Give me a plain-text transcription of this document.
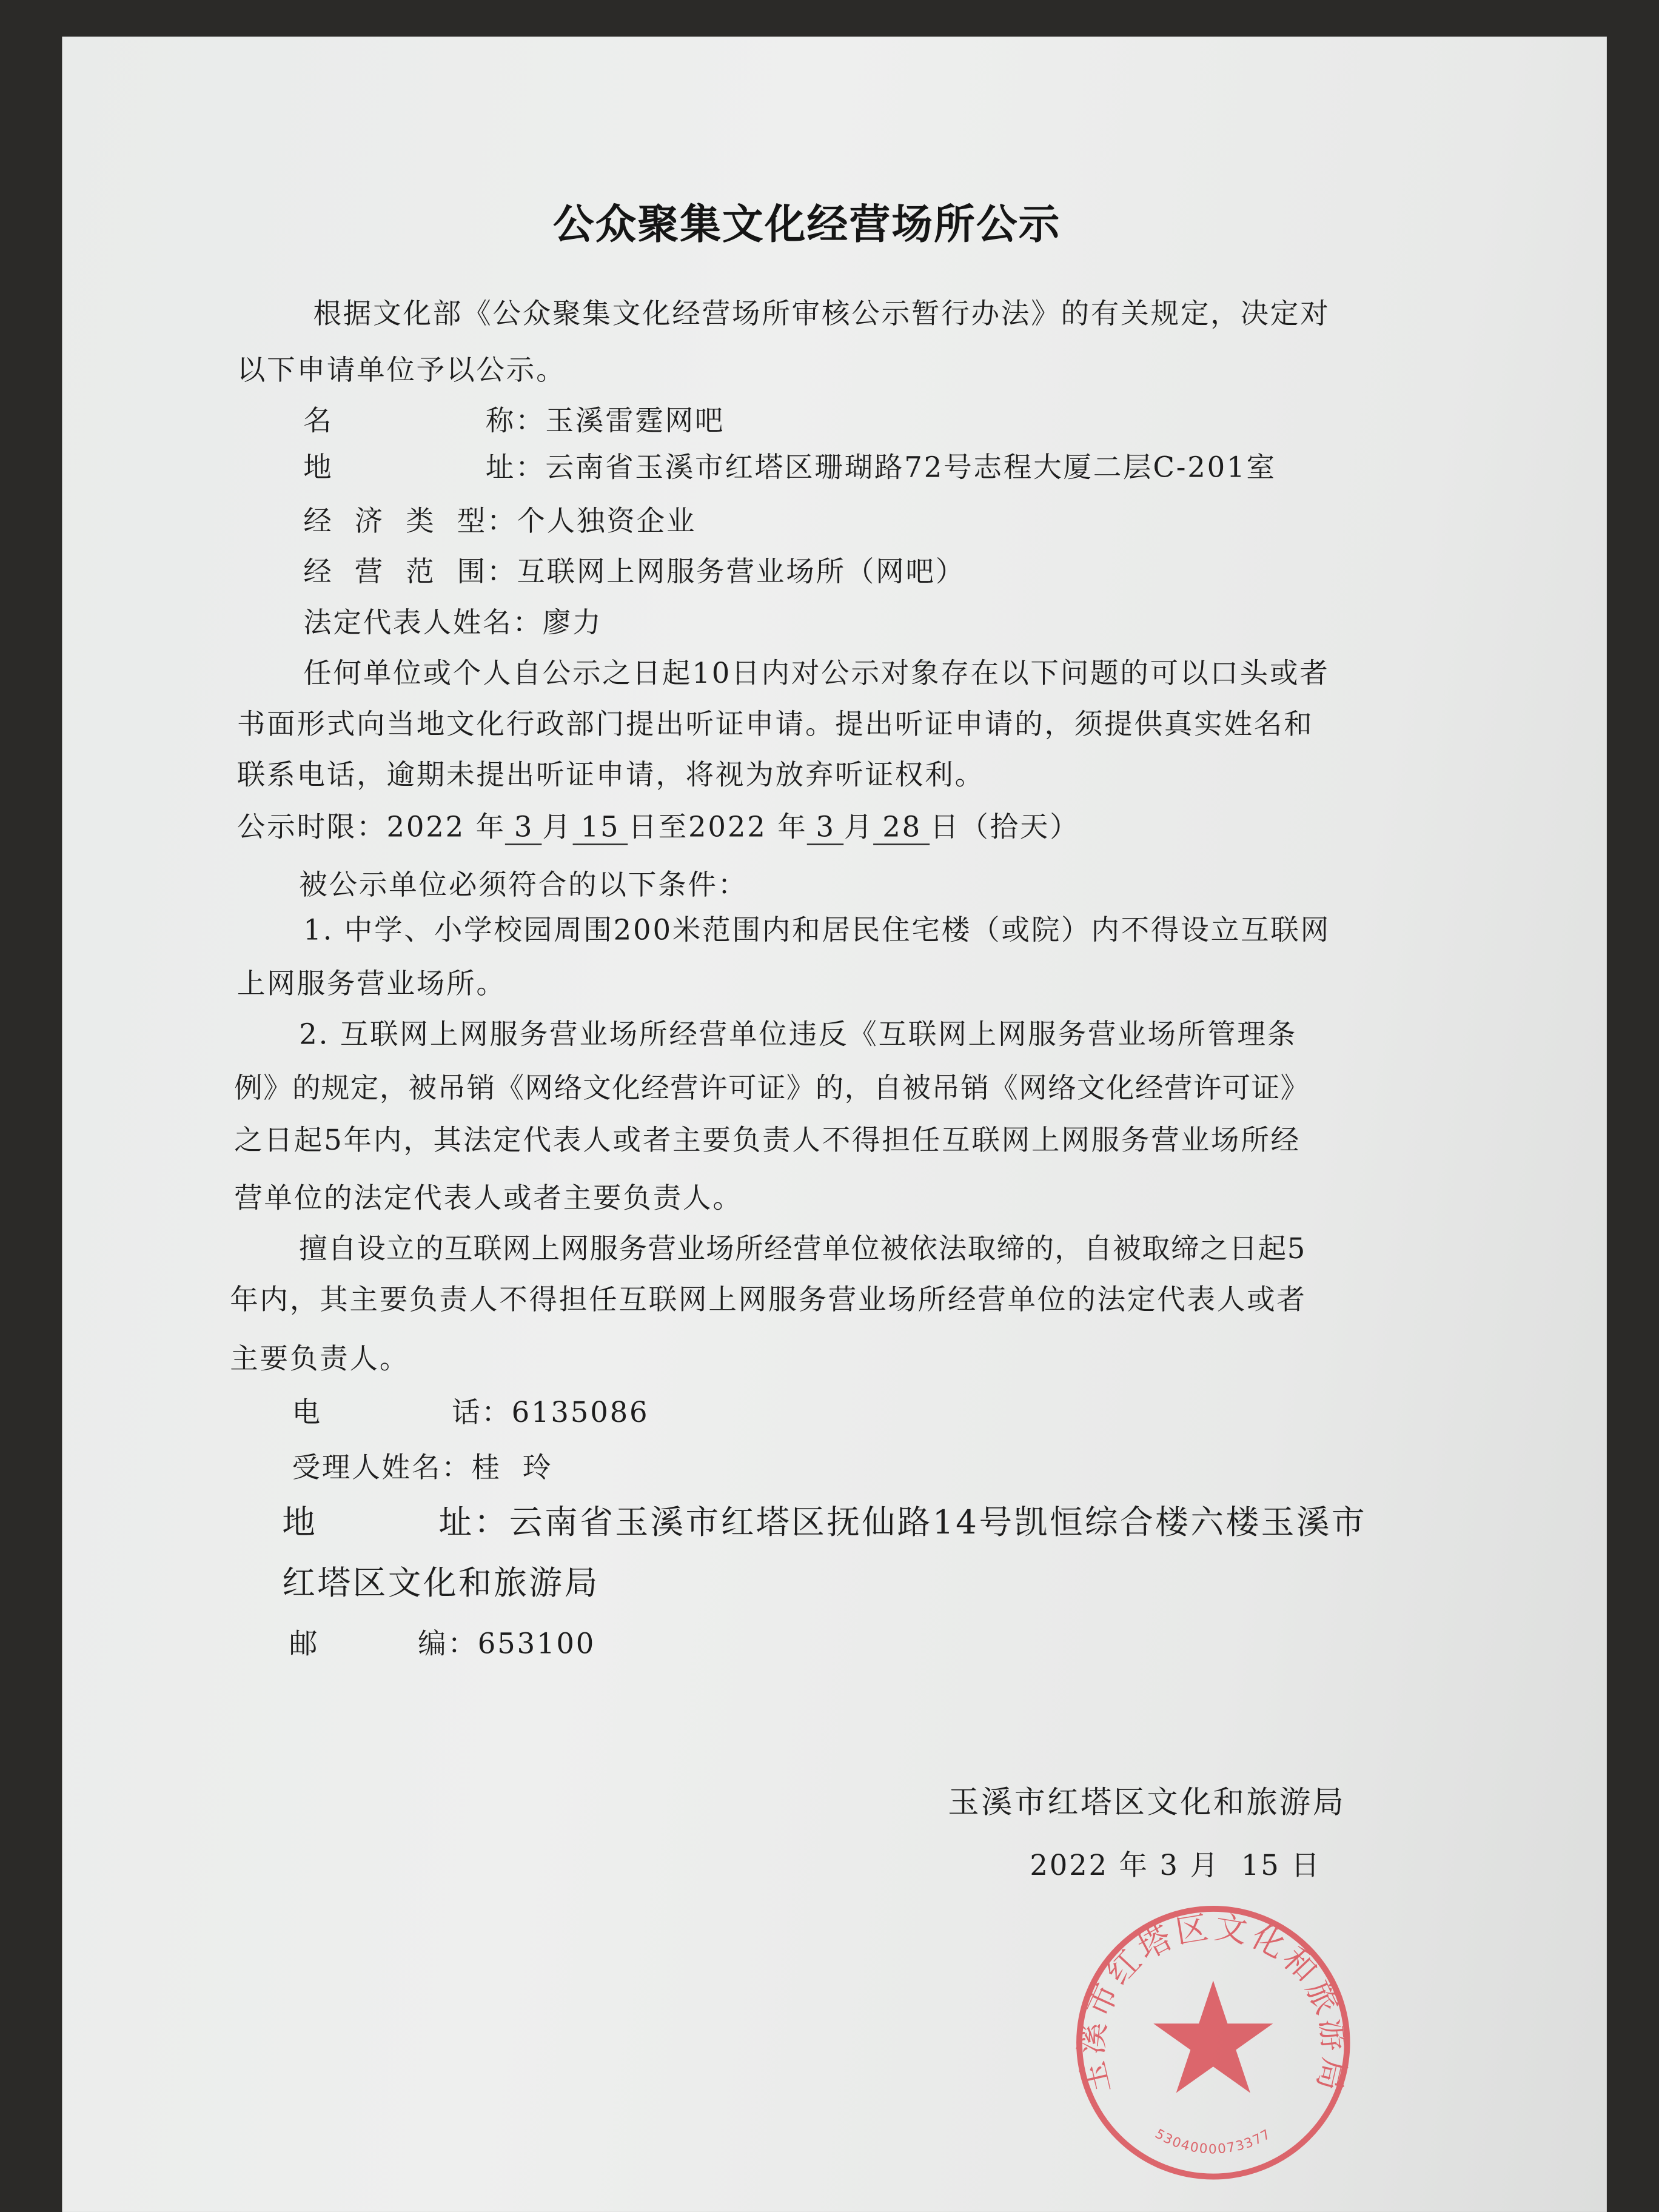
公众聚集文化经营场所公示
根据文化部《公众聚集文化经营场所审核公示暂行办法》的有关规定，决定对
以下申请单位予以公示。
名	称：玉溪雷霆网吧
地	址：云南省玉溪市红塔区珊瑚路72号志程大厦二层C-201室
经  济  类  型：个人独资企业
经  营  范  围：互联网上网服务营业场所（网吧）
法定代表人姓名：廖力
任何单位或个人自公示之日起10日内对公示对象存在以下问题的可以口头或者
书面形式向当地文化行政部门提出听证申请。提出听证申请的，须提供真实姓名和
联系电话，逾期未提出听证申请，将视为放弃听证权利。
公示时限：2022 年 3 月 15 日至2022 年 3 月 28 日（拾天）
被公示单位必须符合的以下条件：
1. 中学、小学校园周围200米范围内和居民住宅楼（或院）内不得设立互联网
上网服务营业场所。
2. 互联网上网服务营业场所经营单位违反《互联网上网服务营业场所管理条
例》的规定，被吊销《网络文化经营许可证》的，自被吊销《网络文化经营许可证》
之日起5年内，其法定代表人或者主要负责人不得担任互联网上网服务营业场所经
营单位的法定代表人或者主要负责人。
擅自设立的互联网上网服务营业场所经营单位被依法取缔的，自被取缔之日起5
年内，其主要负责人不得担任互联网上网服务营业场所经营单位的法定代表人或者
主要负责人。
电	话：6135086
受理人姓名：桂  玲
地	址：云南省玉溪市红塔区抚仙路14号凯恒综合楼六楼玉溪市
红塔区文化和旅游局
邮	编：653100
玉溪市红塔区文化和旅游局
2022 年 3 月  15 日
玉溪市红塔区文化和旅游局
5304000073377
